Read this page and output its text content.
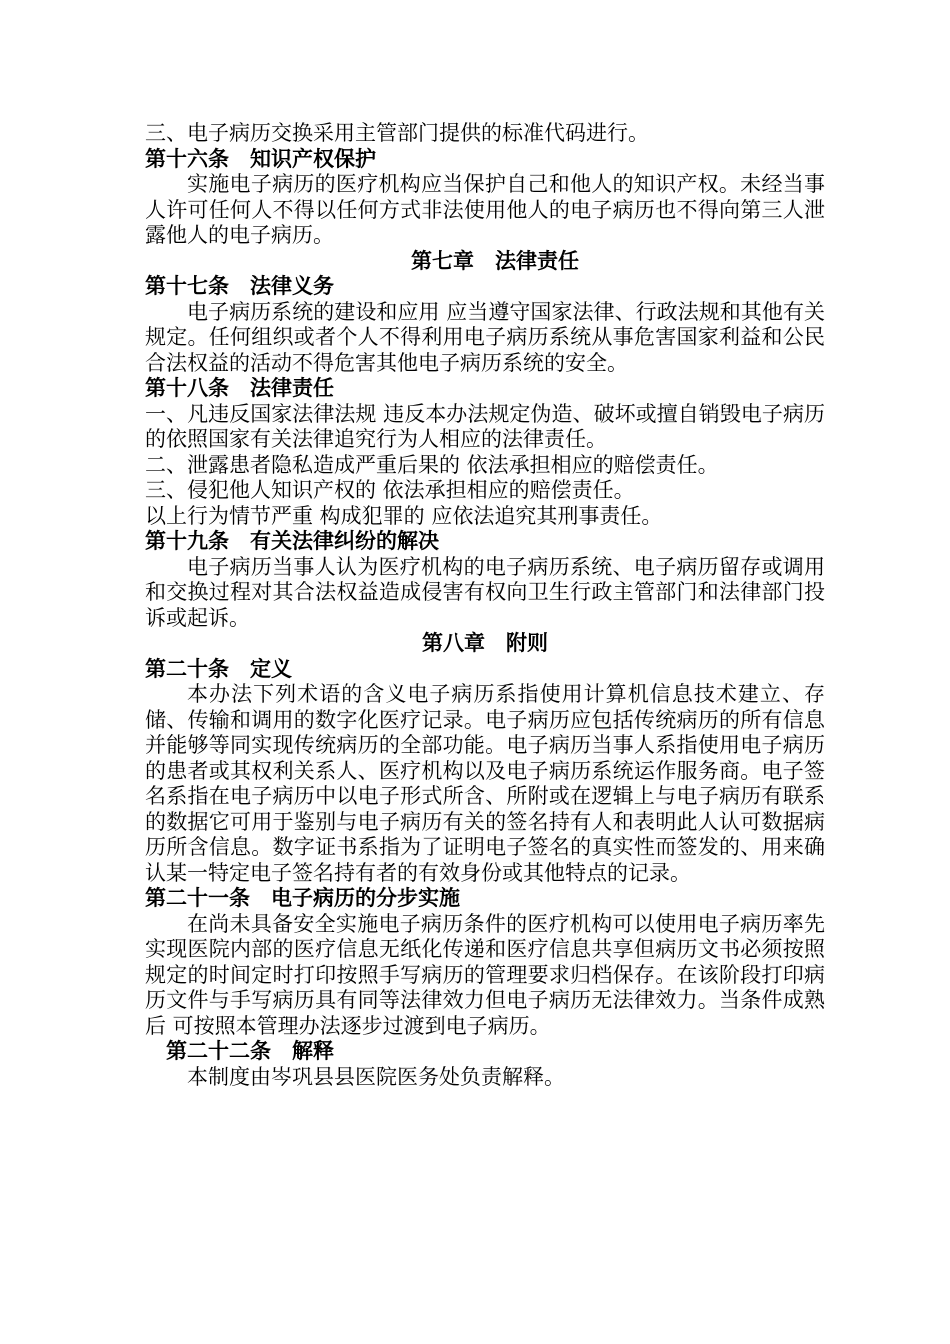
三、电子病历交换采用主管部门提供的标准代码进行。
第十六条　知识产权保护
实施电子病历的医疗机构应当保护自己和他人的知识产权。未经当事人许可任何人不得以任何方式非法使用他人的电子病历也不得向第三人泄露他人的电子病历。
第七章　法律责任
第十七条　法律义务
电子病历系统的建设和应用 应当遵守国家法律、行政法规和其他有关规定。任何组织或者个人不得利用电子病历系统从事危害国家利益和公民合法权益的活动不得危害其他电子病历系统的安全。
第十八条　法律责任
一、凡违反国家法律法规 违反本办法规定伪造、破坏或擅自销毁电子病历的依照国家有关法律追究行为人相应的法律责任。
二、泄露患者隐私造成严重后果的 依法承担相应的赔偿责任。
三、侵犯他人知识产权的 依法承担相应的赔偿责任。
以上行为情节严重 构成犯罪的 应依法追究其刑事责任。
第十九条　有关法律纠纷的解决
电子病历当事人认为医疗机构的电子病历系统、电子病历留存或调用和交换过程对其合法权益造成侵害有权向卫生行政主管部门和法律部门投诉或起诉。
第八章　附则
第二十条　定义
本办法下列术语的含义电子病历系指使用计算机信息技术建立、存储、传输和调用的数字化医疗记录。电子病历应包括传统病历的所有信息并能够等同实现传统病历的全部功能。电子病历当事人系指使用电子病历的患者或其权利关系人、医疗机构以及电子病历系统运作服务商。电子签名系指在电子病历中以电子形式所含、所附或在逻辑上与电子病历有联系的数据它可用于鉴别与电子病历有关的签名持有人和表明此人认可数据病历所含信息。数字证书系指为了证明电子签名的真实性而签发的、用来确认某一特定电子签名持有者的有效身份或其他特点的记录。
第二十一条　电子病历的分步实施
在尚未具备安全实施电子病历条件的医疗机构可以使用电子病历率先实现医院内部的医疗信息无纸化传递和医疗信息共享但病历文书必须按照规定的时间定时打印按照手写病历的管理要求归档保存。在该阶段打印病历文件与手写病历具有同等法律效力但电子病历无法律效力。当条件成熟后 可按照本管理办法逐步过渡到电子病历。
第二十二条　解释
本制度由岑巩县县医院医务处负责解释。
